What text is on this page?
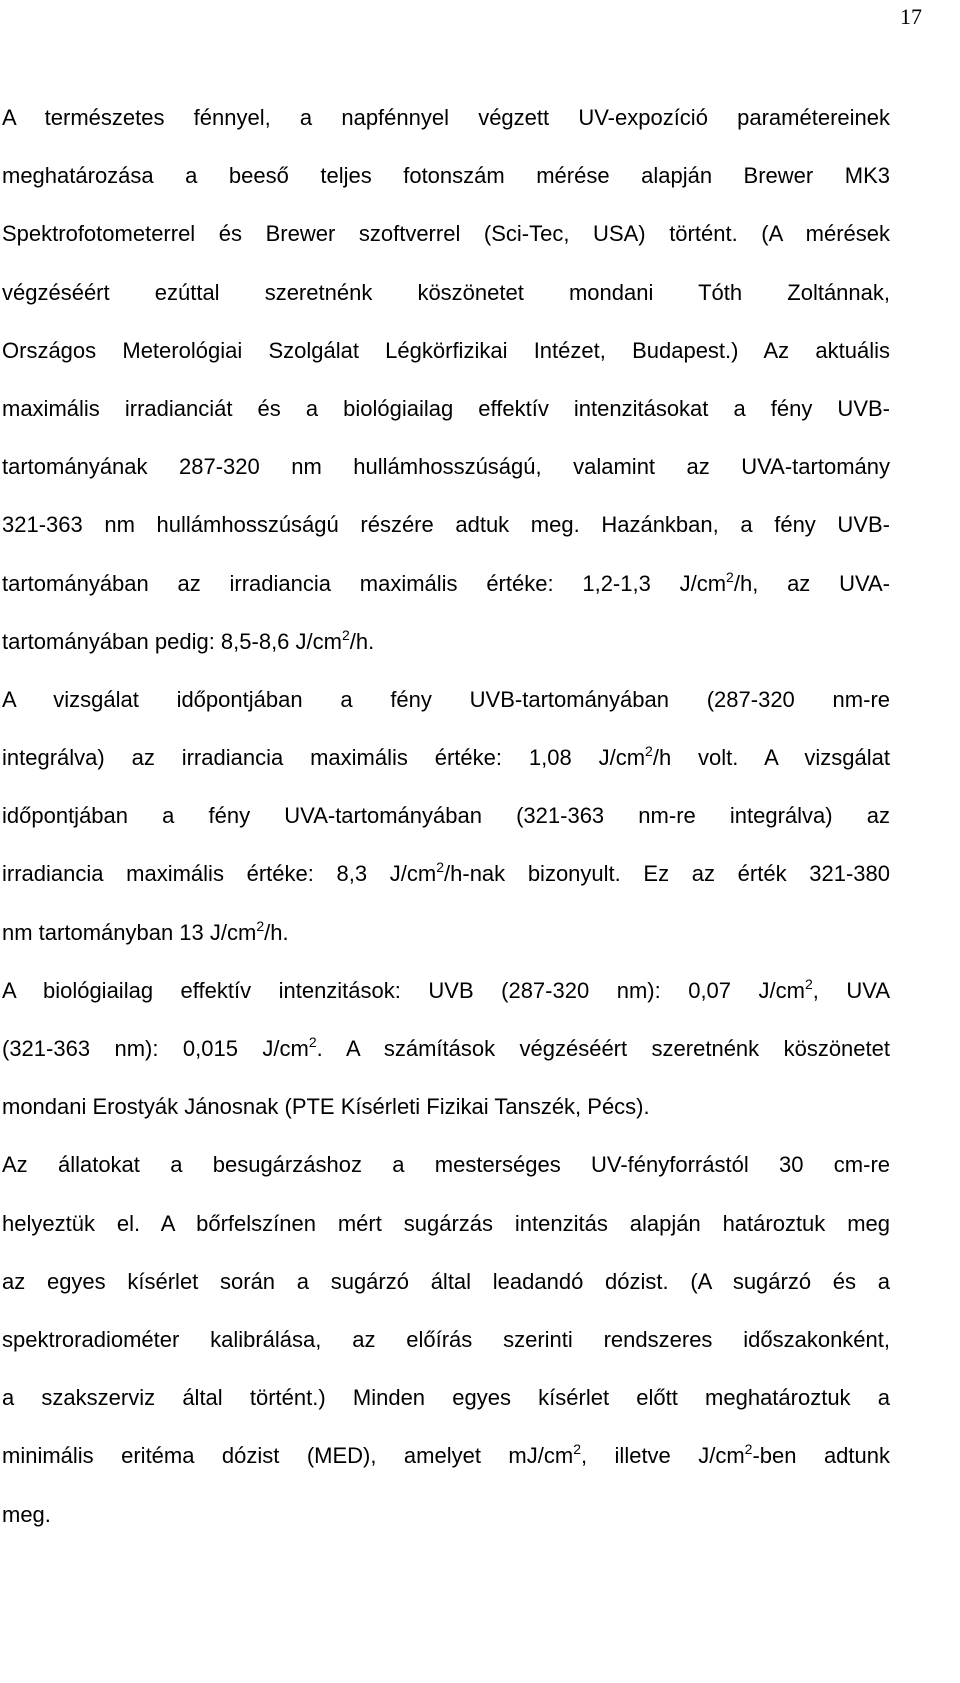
17
A természetes fénnyel, a napfénnyel végzett UV-expozíció paramétereinek
meghatározása a beeső teljes fotonszám mérése alapján Brewer MK3
Spektrofotometerrel és Brewer szoftverrel (Sci-Tec, USA) történt. (A mérések
végzéséért ezúttal szeretnénk köszönetet mondani Tóth Zoltánnak,
Országos Meterológiai Szolgálat Légkörfizikai Intézet, Budapest.) Az aktuális
maximális irradianciát és a biológiailag effektív intenzitásokat a fény UVB-
tartományának 287-320 nm hullámhosszúságú, valamint az UVA-tartomány
321-363 nm hullámhosszúságú részére adtuk meg. Hazánkban, a fény UVB-
tartományában az irradiancia maximális értéke: 1,2-1,3 $J/cm^2/h$, az UVA-
tartományában pedig: 8,5-8,6 $J/cm^2/h$.
A vizsgálat időpontjában a fény UVB-tartományában (287-320 nm-re
integrálva) az irradiancia maximális értéke: 1,08 $J/cm^2/h$ volt. A vizsgálat
időpontjában a fény UVA-tartományában (321-363 nm-re integrálva) az
irradiancia maximális értéke: 8,3 $J/cm^2/h$-nak bizonyult. Ez az érték 321-380
nm tartományban 13 $J/cm^2/h$.
A biológiailag effektív intenzitások: UVB (287-320 nm): 0,07 $J/cm^2$, UVA
(321-363 nm): 0,015 $J/cm^2$. A számítások végzéséért szeretnénk köszönetet
mondani Erostyák Jánosnak (PTE Kísérleti Fizikai Tanszék, Pécs).
Az állatokat a besugárzáshoz a mesterséges UV-fényforrástól 30 cm-re
helyeztük el. A bőrfelszínen mért sugárzás intenzitás alapján határoztuk meg
az egyes kísérlet során a sugárzó által leadandó dózist. (A sugárzó és a
spektroradiométer kalibrálása, az előírás szerinti rendszeres időszakonként,
a szakszerviz által történt.) Minden egyes kísérlet előtt meghatároztuk a
minimális eritéma dózist (MED), amelyet $mJ/cm^2$, illetve $J/cm^2$-ben adtunk
meg.
